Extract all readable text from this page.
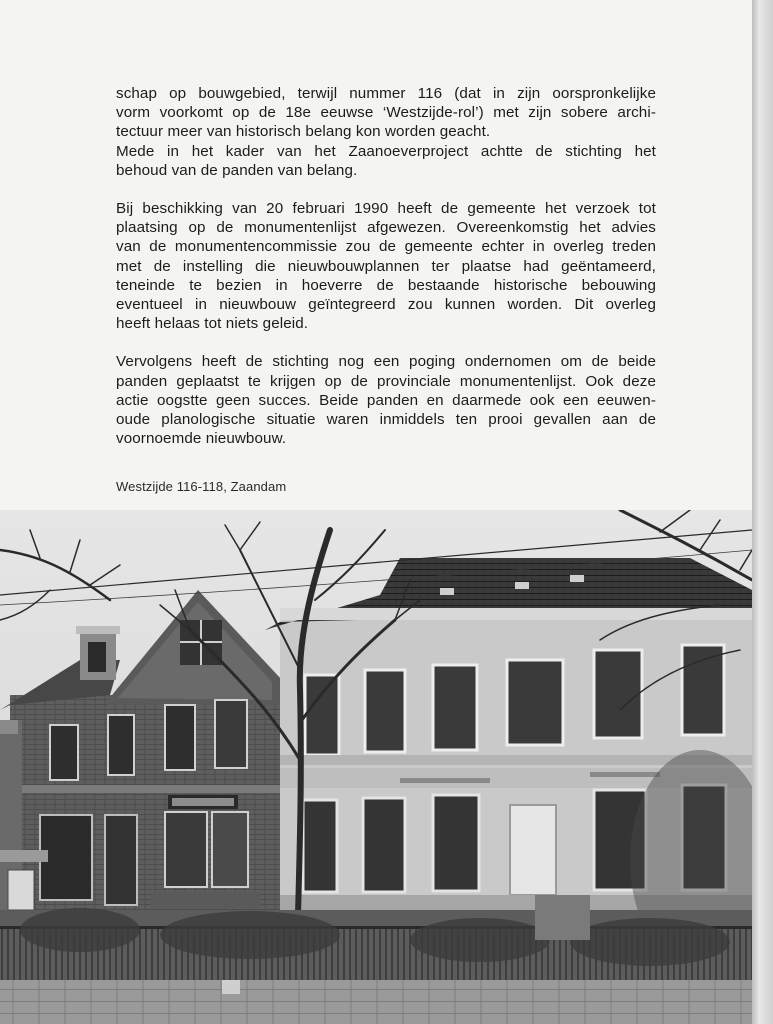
schap op bouwgebied, terwijl nummer 116 (dat in zijn oorspronkelijke
vorm voorkomt op de 18e eeuwse ‘Westzijde-rol’) met zijn sobere archi-
tectuur meer van historisch belang kon worden geacht.
Mede in het kader van het Zaanoeverproject achtte de stichting het
behoud van de panden van belang.

Bij beschikking van 20 februari 1990 heeft de gemeente het verzoek tot
plaatsing op de monumentenlijst afgewezen. Overeenkomstig het advies
van de monumentencommissie zou de gemeente echter in overleg treden
met de instelling die nieuwbouwplannen ter plaatse had geëntameerd,
teneinde te bezien in hoeverre de bestaande historische bebouwing
eventueel in nieuwbouw geïntegreerd zou kunnen worden. Dit overleg
heeft helaas tot niets geleid.

Vervolgens heeft de stichting nog een poging ondernomen om de beide
panden geplaatst te krijgen op de provinciale monumentenlijst. Ook deze
actie oogstte geen succes. Beide panden en daarmede ook een eeuwen-
oude planologische situatie waren inmiddels ten prooi gevallen aan de
voornoemde nieuwbouw.

Westzijde 116-118, Zaandam
